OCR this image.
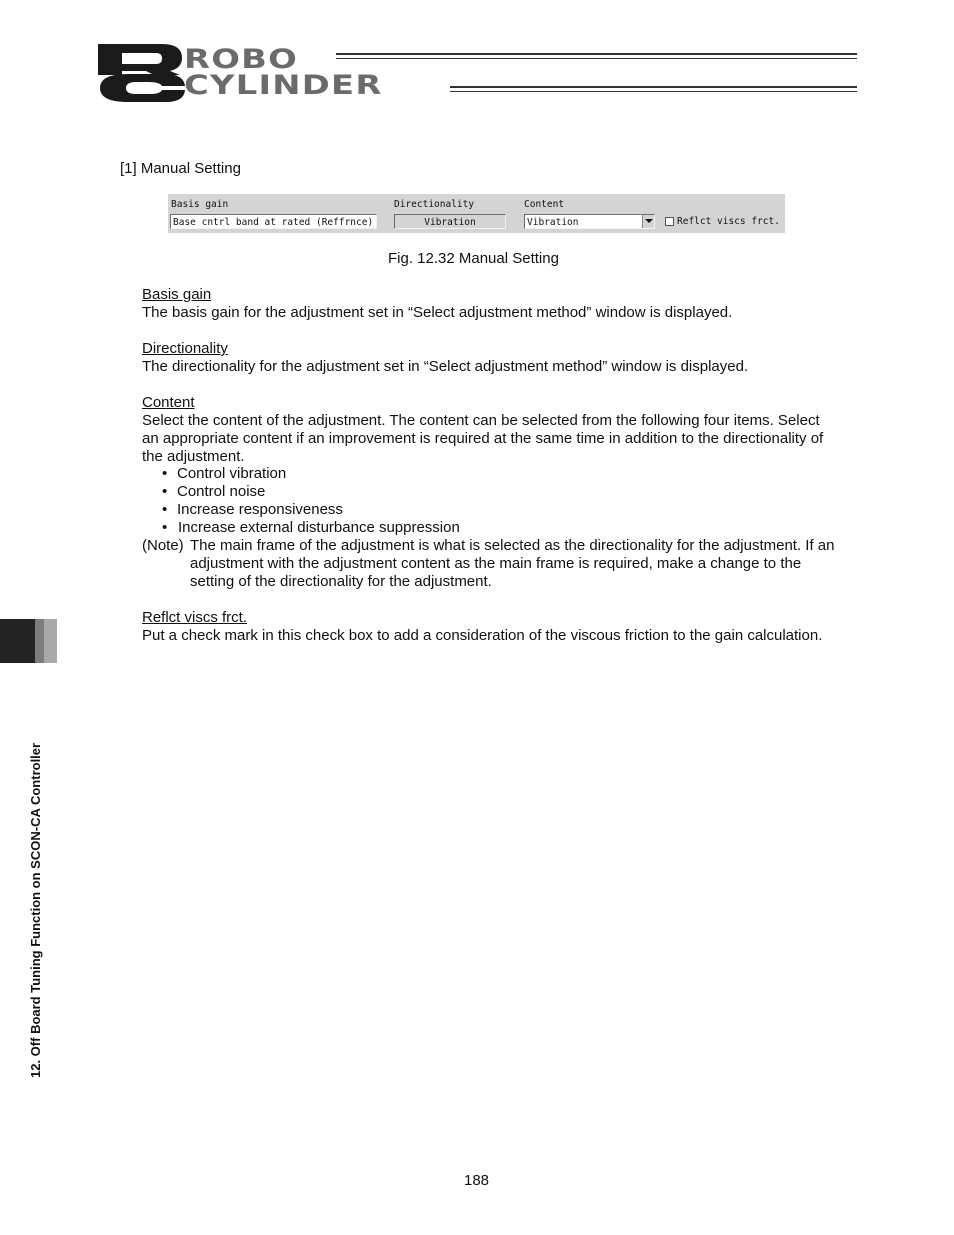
ROBO
CYLINDER
[1] Manual Setting
Basis gain
Base cntrl band at rated (Reffrnce)
Directionality
Vibration
Content
Vibration	Reflct viscs frct.
Fig. 12.32 Manual Setting
Basis gain
The basis gain for the adjustment set in “Select adjustment method” window is displayed.
Directionality
The directionality for the adjustment set in “Select adjustment method” window is displayed.
Content
Select the content of the adjustment. The content can be selected from the following four items. Select
an appropriate content if an improvement is required at the same time in addition to the directionality of
the adjustment.
• Control vibration
• Control noise
• Increase responsiveness
• Increase external disturbance suppression
(Note) The main frame of the adjustment is what is selected as the directionality for the adjustment. If an
adjustment with the adjustment content as the main frame is required, make a change to the
setting of the directionality for the adjustment.
Reflct viscs frct.
Put a check mark in this check box to add a consideration of the viscous friction to the gain calculation.
12. Off Board Tuning Function on SCON-CA Controller
188
